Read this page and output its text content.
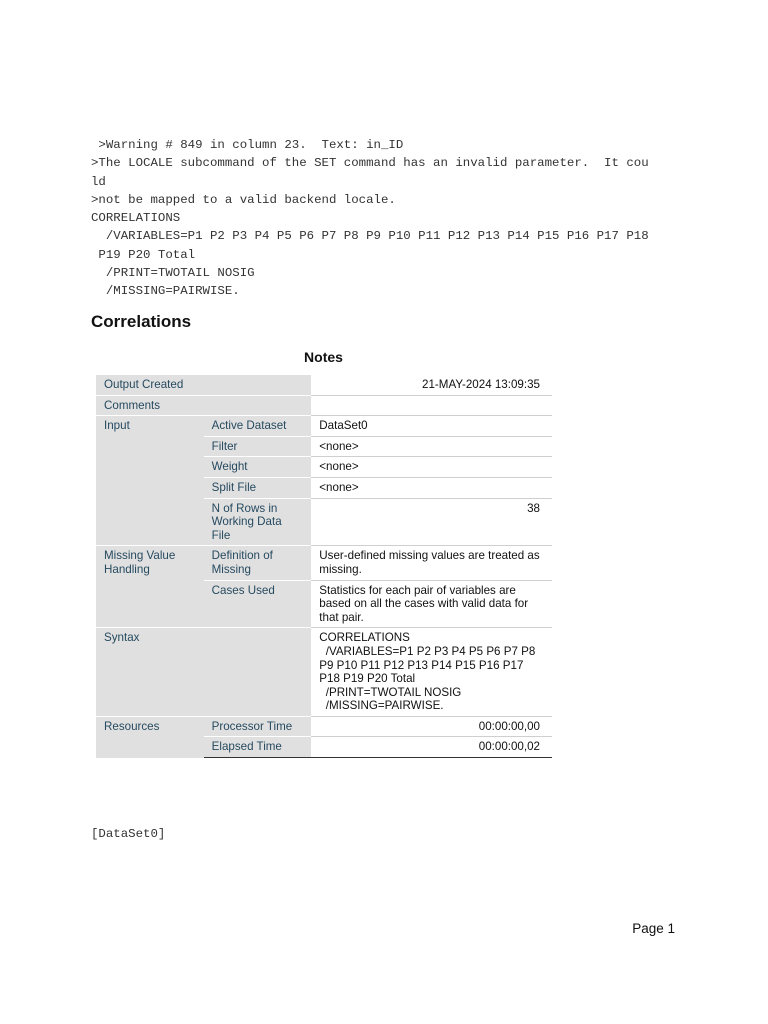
>Warning # 849 in column 23.  Text: in_ID
>The LOCALE subcommand of the SET command has an invalid parameter.  It cou
ld
>not be mapped to a valid backend locale.
CORRELATIONS
/VARIABLES=P1 P2 P3 P4 P5 P6 P7 P8 P9 P10 P11 P12 P13 P14 P15 P16 P17 P18
P19 P20 Total
/PRINT=TWOTAIL NOSIG
/MISSING=PAIRWISE.
Correlations
Notes
Output Created		21-MAY-2024 13:09:35
Comments		
Input	Active Dataset	DataSet0
	Filter	<none>
	Weight	<none>
	Split File	<none>
	N of Rows in Working Data File	38
Missing Value Handling	Definition of Missing	User-defined missing values are treated as missing.
	Cases Used	Statistics for each pair of variables are based on all the cases with valid data for that pair.
Syntax		CORRELATIONS
/VARIABLES=P1 P2 P3 P4 P5 P6 P7 P8 P9 P10 P11 P12 P13 P14 P15 P16 P17 P18 P19 P20 Total
/PRINT=TWOTAIL NOSIG
/MISSING=PAIRWISE.

Resources	Processor Time	00:00:00,00
	Elapsed Time	00:00:00,02
[DataSet0]
Page 1
